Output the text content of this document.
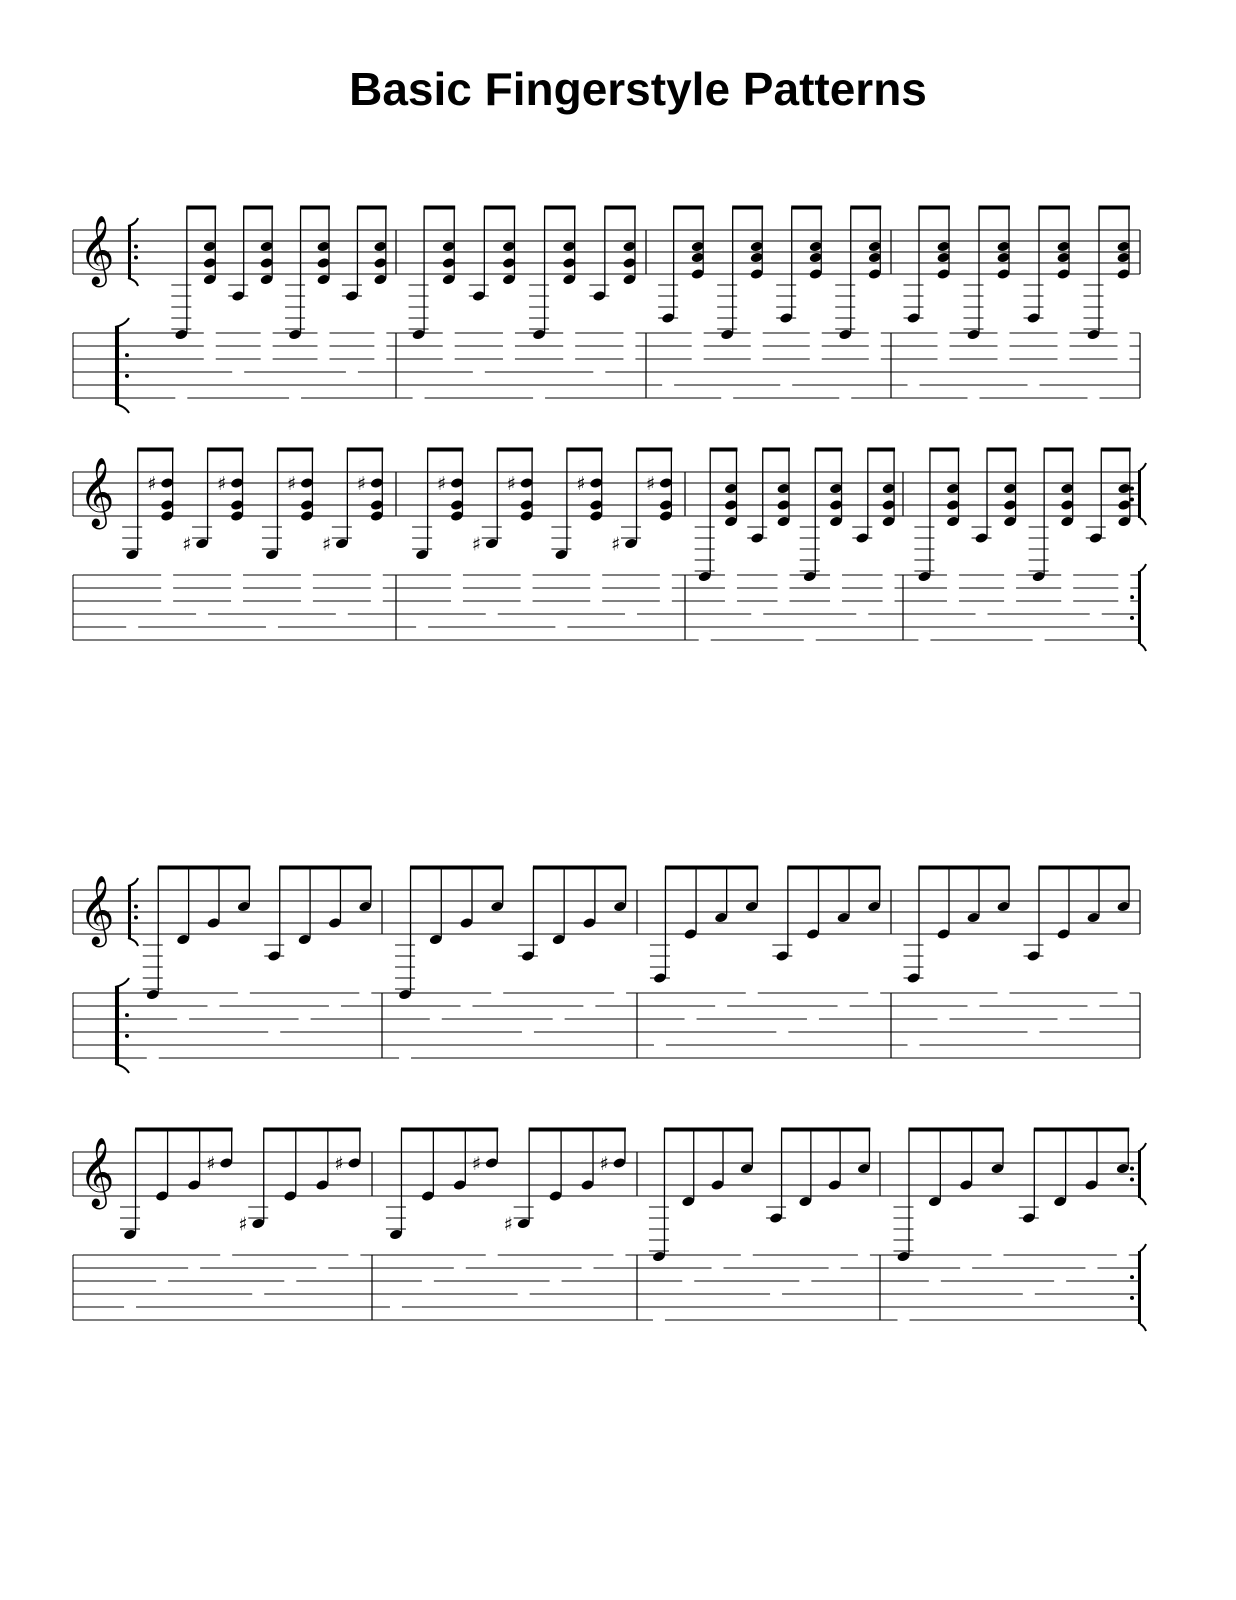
Basic Fingerstyle Patterns
𝄞
𝄞 ♯
♯
♯	♯
♯
♯	♯
♯
♯	♯
♯
♯
𝄞
𝄞	♯
♯
♯	♯
♯
♯
